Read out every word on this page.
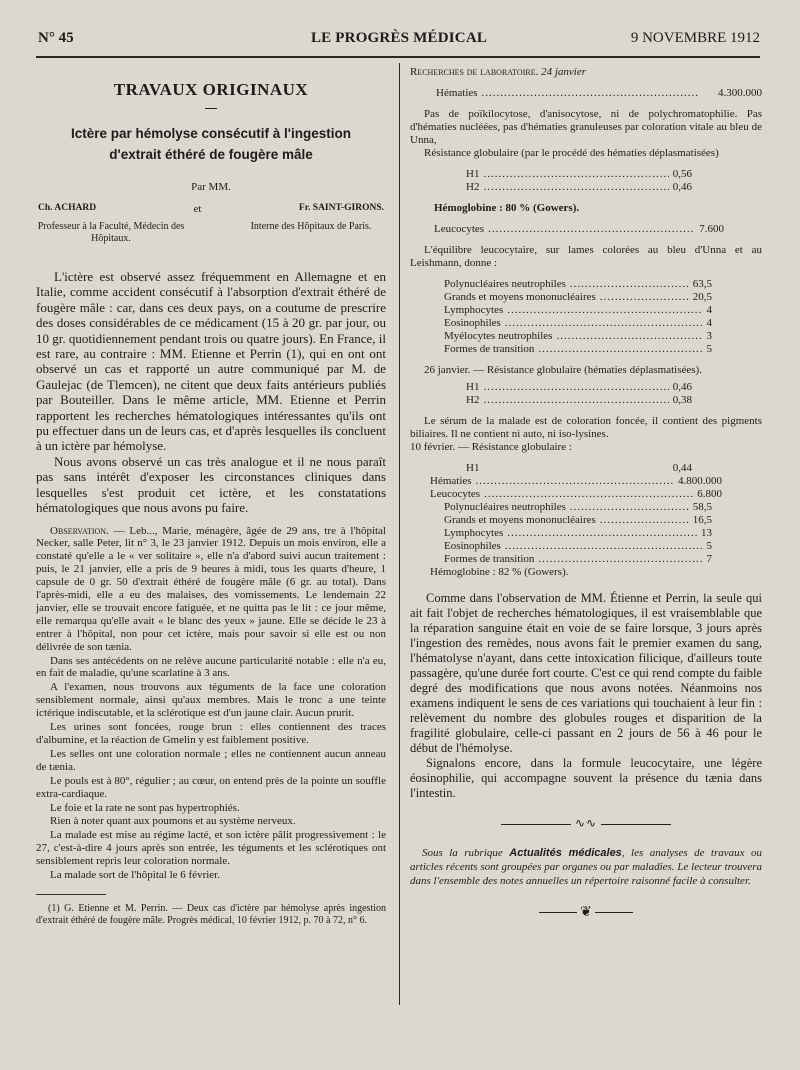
N° 45	LE PROGRÈS MÉDICAL	9 NOVEMBRE 1912
TRAVAUX ORIGINAUX
Ictère par hémolyse consécutif à l'ingestion
d'extrait éthéré de fougère mâle
Par MM.
Ch. ACHARD	et	Fr. SAINT-GIRONS.
Professeur à la Faculté, Médecin des Hôpitaux.
Interne des Hôpitaux de Paris.

L'ictère est observé assez fréquemment en Allemagne et en Italie, comme accident consécutif à l'absorption d'extrait éthéré de fougère mâle : car, dans ces deux pays, on a coutume de prescrire des doses considérables de ce médicament (15 à 20 gr. par jour, ou 10 gr. quotidiennement pendant trois ou quatre jours). En France, il est rare, au contraire : MM. Etienne et Perrin (1), qui en ont ont observé un cas et rapporté un autre communiqué par M. de Gaulejac (de Tlemcen), ne citent que deux faits antérieurs publiés par Bouteiller. Dans le même article, MM. Etienne et Perrin rapportent les recherches hématologiques intéressantes qu'ils ont pu effectuer dans un de leurs cas, et d'après lesquelles ils concluent à un ictère par hémolyse.

Nous avons observé un cas très analogue et il ne nous paraît pas sans intérêt d'exposer les circonstances cliniques dans lesquelles s'est produit cet ictère, et les constatations hématologiques que nous avons pu faire.

Observation. — Leb..., Marie, ménagère, âgée de 29 ans, tre à l'hôpital Necker, salle Peter, lit n° 3, le 23 janvier 1912. Depuis un mois environ, elle a constaté qu'elle a le « ver solitaire », elle n'a d'abord suivi aucun traitement : puis, le 21 janvier, elle a pris de 9 heures à midi, tous les quarts d'heure, 1 capsule de 0 gr. 50 d'extrait éthéré de fougère mâle (6 gr. au total). Dans l'après-midi, elle a eu des malaises, des vomissements. Le lendemain 22 janvier, elle se trouvait encore fatiguée, et ne quitta pas le lit : ce jour même, elle remarqua qu'elle avait « le blanc des yeux » jaune. Elle se décide le 23 à entrer à l'hôpital, non pour cet ictère, mais pour savoir si elle est ou non délivrée de son tænia.

Dans ses antécédents on ne relève aucune particularité notable : elle n'a eu, en fait de maladie, qu'une scarlatine à 3 ans.

A l'examen, nous trouvons aux téguments de la face une coloration sensiblement normale, ainsi qu'aux membres. Mais le tronc a une teinte ictérique indiscutable, et la sclérotique est d'un jaune clair. Aucun prurit.

Les urines sont foncées, rouge brun : elles contiennent des traces d'albumine, et la réaction de Gmelin y est faiblement positive.

Les selles ont une coloration normale ; elles ne contiennent aucun anneau de tænia.

Le pouls est à 80°, régulier ; au cœur, on entend près de la pointe un souffle extra-cardiaque.

Le foie et la rate ne sont pas hypertrophiés.

Rien à noter quant aux poumons et au système nerveux.

La malade est mise au régime lacté, et son ictère pâlit progressivement : le 27, c'est-à-dire 4 jours après son entrée, les téguments et les sclérotiques ont sensiblement repris leur coloration normale.

La malade sort de l'hôpital le 6 février.

(1) G. Etienne et M. Perrin. — Deux cas d'ictère par hémolyse après ingestion d'extrait éthéré de fougère mâle. Progrès médical, 10 février 1912, p. 70 à 72, n° 6.
Recherches de laboratoire. 24 janvier
Hématies .....	4.300.000

Pas de poïkilocytose, d'anisocytose, ni de polychromatophilie. Pas d'hématies nucléées, pas d'hématies granuleuses par coloration vitale au bleu de Unna,

Résistance globulaire (par le procédé des hématies déplasmatisées)

H1 .....	0,56
H2 .....	0,46
Hémoglobine : 80 % (Gowers).
Leucocytes .....	7.600

L'équilibre leucocytaire, sur lames colorées au bleu d'Unna et au Leishmann, donne :

Polynucléaires neutrophiles .....	63,5
Grands et moyens mononucléaires .....	20,5
Lymphocytes .....	4
Eosinophiles .....	4
Myélocytes neutrophiles .....	3
Formes de transition .....	5

26 janvier. — Résistance globulaire (hématies déplasmatisées).

H1 .....	0,46
H2 .....	0,38

Le sérum de la malade est de coloration foncée, il contient des pigments biliaires. Il ne contient ni auto, ni iso-lysines.

10 février. — Résistance globulaire :

H1	0,44
Hématies .....	4.800.000
Leucocytes .....	6.800
Polynucléaires neutrophiles .....	58,5
Grands et moyens mononucléaires .....	16,5
Lymphocytes .....	13
Eosinophiles .....	5
Formes de transition .....	7
Hémoglobine : 82 % (Gowers).

Comme dans l'observation de MM. Étienne et Perrin, la seule qui ait fait l'objet de recherches hématologiques, il est vraisemblable que la réparation sanguine était en voie de se faire lorsque, 3 jours après l'ingestion des remèdes, nous avons fait le premier examen du sang, l'hématolyse n'ayant, dans cette intoxication filicique, d'ailleurs toute passagère, qu'une durée fort courte. C'est ce qui rend compte du faible degré des modifications que nous avons notées. Néanmoins nos examens indiquent le sens de ces variations qui touchaient à leur fin : relèvement du nombre des globules rouges et disparition de la fragilité globulaire, celle-ci passant en 2 jours de 56 à 46 pour le début de l'hémolyse.

Signalons encore, dans la formule leucocytaire, une légère éosinophilie, qui accompagne souvent la présence du tænia dans l'intestin.

∿∿

Sous la rubrique Actualités médicales, les analyses de travaux ou articles récents sont groupées par organes ou par maladies. Le lecteur trouvera dans l'ensemble des notes annuelles un répertoire raisonné facile à consulter.

❦
